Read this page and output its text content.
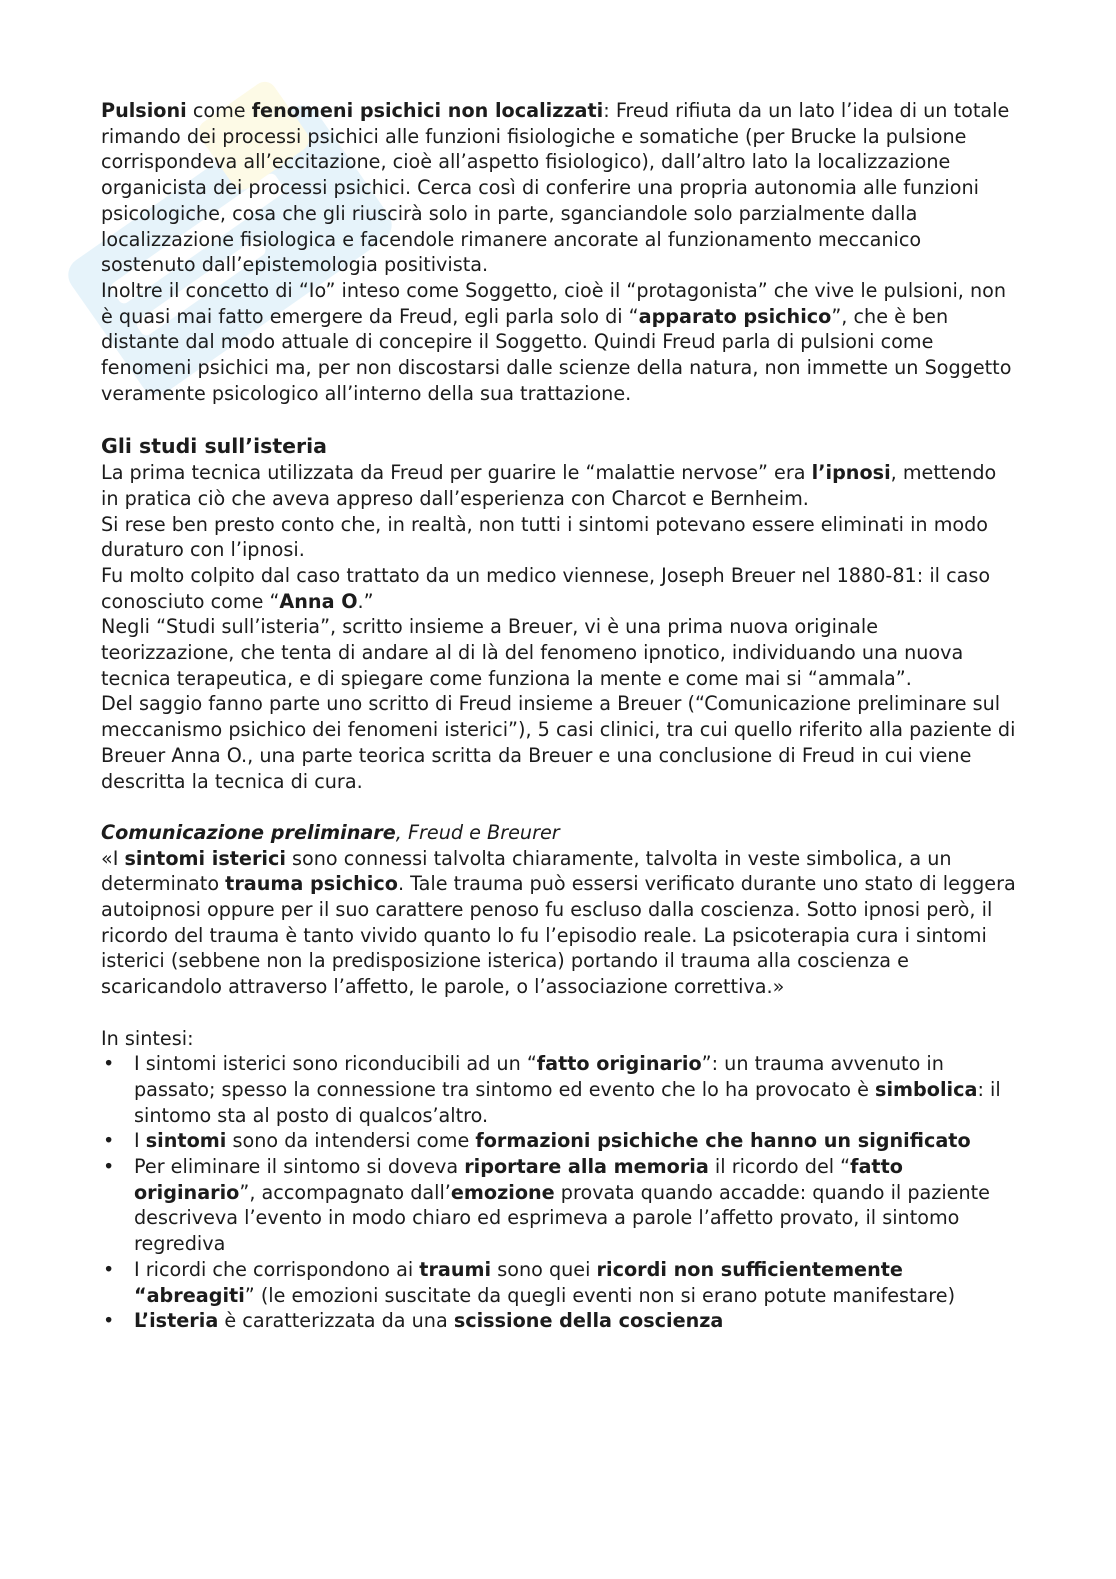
Pulsioni come fenomeni psichici non localizzati: Freud rifiuta da un lato l’idea di un totale rimando dei processi psichici alle funzioni fisiologiche e somatiche (per Brucke la pulsione corrispondeva all’eccitazione, cioè all’aspetto fisiologico), dall’altro lato la localizzazione organicista dei processi psichici. Cerca così di conferire una propria autonomia alle funzioni psicologiche, cosa che gli riuscirà solo in parte, sganciandole solo parzialmente dalla localizzazione fisiologica e facendole rimanere ancorate al funzionamento meccanico sostenuto dall’epistemologia positivista.

Inoltre il concetto di “Io” inteso come Soggetto, cioè il “protagonista” che vive le pulsioni, non è quasi mai fatto emergere da Freud, egli parla solo di “apparato psichico”, che è ben distante dal modo attuale di concepire il Soggetto. Quindi Freud parla di pulsioni come fenomeni psichici ma, per non discostarsi dalle scienze della natura, non immette un Soggetto veramente psicologico all’interno della sua trattazione.

Gli studi sull’isteria

La prima tecnica utilizzata da Freud per guarire le “malattie nervose” era l’ipnosi, mettendo in pratica ciò che aveva appreso dall’esperienza con Charcot e Bernheim.

Si rese ben presto conto che, in realtà, non tutti i sintomi potevano essere eliminati in modo duraturo con l’ipnosi.

Fu molto colpito dal caso trattato da un medico viennese, Joseph Breuer nel 1880-81: il caso conosciuto come “Anna O.”

Negli “Studi sull’isteria”, scritto insieme a Breuer, vi è una prima nuova originale teorizzazione, che tenta di andare al di là del fenomeno ipnotico, individuando una nuova tecnica terapeutica, e di spiegare come funziona la mente e come mai si “ammala”.

Del saggio fanno parte uno scritto di Freud insieme a Breuer (“Comunicazione preliminare sul meccanismo psichico dei fenomeni isterici”), 5 casi clinici, tra cui quello riferito alla paziente di Breuer Anna O., una parte teorica scritta da Breuer e una conclusione di Freud in cui viene descritta la tecnica di cura.

Comunicazione preliminare, Freud e Breurer

«I sintomi isterici sono connessi talvolta chiaramente, talvolta in veste simbolica, a un determinato trauma psichico. Tale trauma può essersi verificato durante uno stato di leggera autoipnosi oppure per il suo carattere penoso fu escluso dalla coscienza. Sotto ipnosi però, il ricordo del trauma è tanto vivido quanto lo fu l’episodio reale. La psicoterapia cura i sintomi isterici (sebbene non la predisposizione isterica) portando il trauma alla coscienza e scaricandolo attraverso l’affetto, le parole, o l’associazione correttiva.»

In sintesi:

• I sintomi isterici sono riconducibili ad un “fatto originario”: un trauma avvenuto in passato; spesso la connessione tra sintomo ed evento che lo ha provocato è simbolica: il sintomo sta al posto di qualcos’altro.
• I sintomi sono da intendersi come formazioni psichiche che hanno un significato
• Per eliminare il sintomo si doveva riportare alla memoria il ricordo del “fatto originario”, accompagnato dall’emozione provata quando accadde: quando il paziente descriveva l’evento in modo chiaro ed esprimeva a parole l’affetto provato, il sintomo regrediva
• I ricordi che corrispondono ai traumi sono quei ricordi non sufficientemente “abreagiti” (le emozioni suscitate da quegli eventi non si erano potute manifestare)
• L’isteria è caratterizzata da una scissione della coscienza
